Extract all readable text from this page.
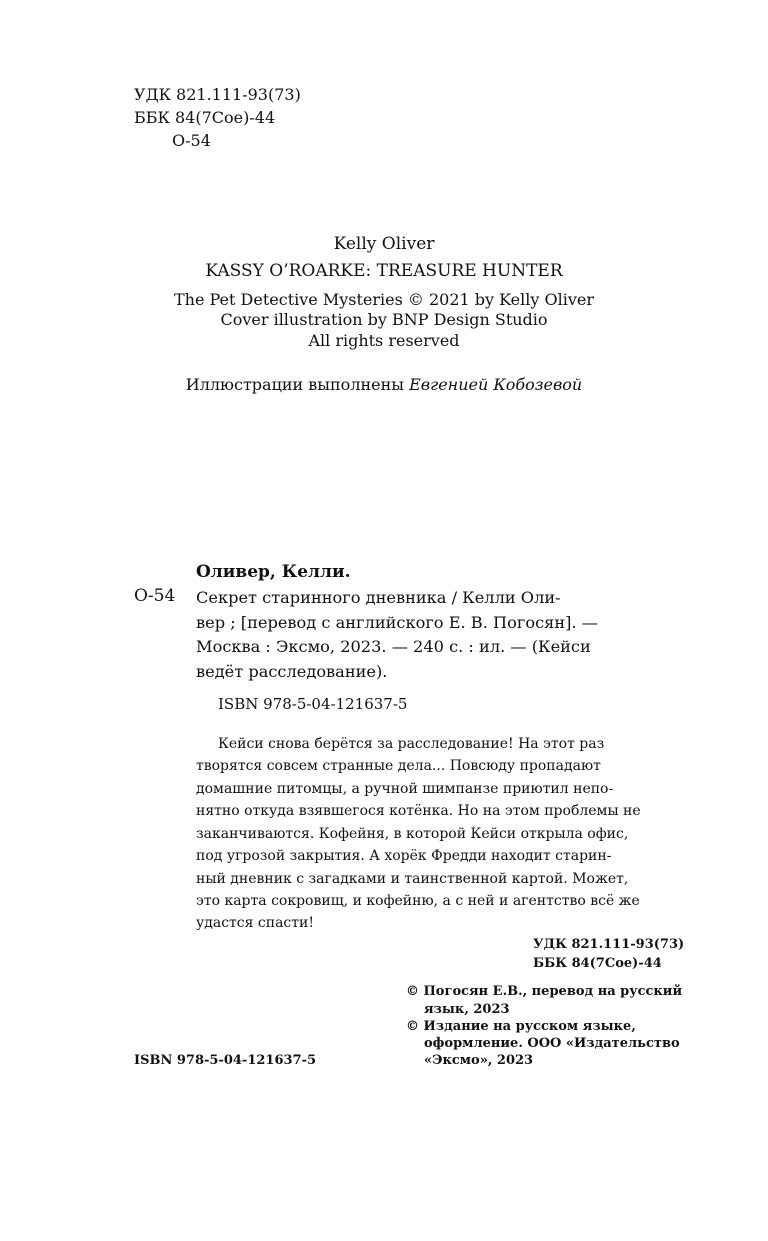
УДК 821.111-93(73)
ББК 84(7Сое)-44
О-54
Kelly Oliver
KASSY O’ROARKE: TREASURE HUNTER
The Pet Detective Mysteries © 2021 by Kelly Oliver
Cover illustration by BNP Design Studio
All rights reserved
Иллюстрации выполнены Евгенией Кобозевой
Оливер, Келли.
О-54 Секрет старинного дневника / Келли Оли-
вер ; [перевод с английского Е. В. Погосян]. —
Москва : Эксмо, 2023. — 240 с. : ил. — (Кейси
ведёт расследование).
ISBN 978-5-04-121637-5
Кейси снова берётся за расследование! На этот раз
творятся совсем странные дела... Повсюду пропадают
домашние питомцы, а ручной шимпанзе приютил непо-
нятно откуда взявшегося котёнка. Но на этом проблемы не
заканчиваются. Кофейня, в которой Кейси открыла офис,
под угрозой закрытия. А хорёк Фредди находит старин-
ный дневник с загадками и таинственной картой. Может,
это карта сокровищ, и кофейню, а с ней и агентство всё же
удастся спасти!
УДК 821.111-93(73)
ББК 84(7Сое)-44
© Погосян Е.В., перевод на русский
язык, 2023
© Издание на русском языке,
оформление. ООО «Издательство
«Эксмо», 2023
ISBN 978-5-04-121637-5
